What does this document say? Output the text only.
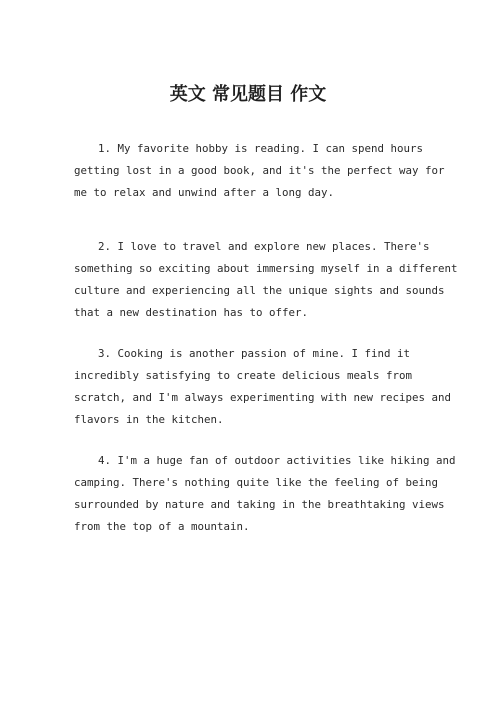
英文 常见题目 作文

1. My favorite hobby is reading. I can spend hours
getting lost in a good book, and it's the perfect way for
me to relax and unwind after a long day.

2. I love to travel and explore new places. There's
something so exciting about immersing myself in a different
culture and experiencing all the unique sights and sounds
that a new destination has to offer.

3. Cooking is another passion of mine. I find it
incredibly satisfying to create delicious meals from
scratch, and I'm always experimenting with new recipes and
flavors in the kitchen.

4. I'm a huge fan of outdoor activities like hiking and
camping. There's nothing quite like the feeling of being
surrounded by nature and taking in the breathtaking views
from the top of a mountain.
